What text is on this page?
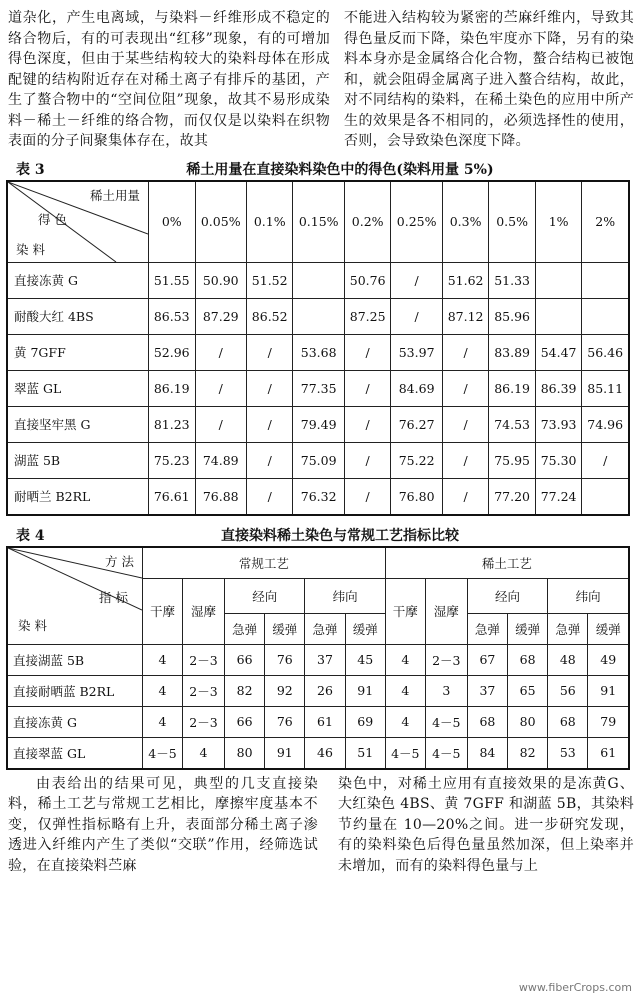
道杂化，产生电离域，与染料－纤维形成不稳定的络合物后，有的可表现出“红移”现象，有的可增加得色深度，但由于某些结构较大的染料母体在形成配键的结构附近存在对稀土离子有排斥的基团，产生了螯合物中的“空间位阻”现象，故其不易形成染料－稀土－纤维的络合物，而仅仅是以染料在织物表面的分子间聚集体存在，故其
不能进入结构较为紧密的苎麻纤维内，导致其得色量反而下降，染色牢度亦下降，另有的染料本身亦是金属络合化合物，螯合结构已被饱和，就会阻碍金属离子进入螯合结构，故此，对不同结构的染料，在稀土染色的应用中所产生的效果是各不相同的，必须选择性的使用，否则，会导致染色深度下降。
表 3	稀土用量在直接染料染色中的得色(染料用量 5%)
稀土用量
得 色
染 料	0%	0.05%	0.1%	0.15%	0.2%	0.25%	0.3%	0.5%	1%	2%
直接冻黄 G	51.55	50.90	51.52		50.76	/	51.62	51.33		
耐酸大红 4BS	86.53	87.29	86.52		87.25	/	87.12	85.96		
黄 7GFF	52.96	/	/	53.68	/	53.97	/	83.89	54.47	56.46
翠蓝 GL	86.19	/	/	77.35	/	84.69	/	86.19	86.39	85.11
直接坚牢黑 G	81.23	/	/	79.49	/	76.27	/	74.53	73.93	74.96
湖蓝 5B	75.23	74.89	/	75.09	/	75.22	/	75.95	75.30	/
耐晒兰 B2RL	76.61	76.88	/	76.32	/	76.80	/	77.20	77.24	
表 4	直接染料稀土染色与常规工艺指标比较
方 法
指 标
染 料	常规工艺						稀土工艺					
	干摩	湿摩	经向		纬向		干摩	湿摩	经向		纬向	
			急弹	缓弹	急弹	缓弹			急弹	缓弹	急弹	缓弹
直接湖蓝 5B	4	2－3	66	76	37	45	4	2－3	67	68	48	49
直接耐晒蓝 B2RL	4	2－3	82	92	26	91	4	3	37	65	56	91
直接冻黄 G	4	2－3	66	76	61	69	4	4－5	68	80	68	79
直接翠蓝 GL	4－5	4	80	91	46	51	4－5	4－5	84	82	53	61
由表给出的结果可见，典型的几支直接染料，稀土工艺与常规工艺相比，摩擦牢度基本不变，仅弹性指标略有上升，表面部分稀土离子渗透进入纤维内产生了类似“交联”作用，经筛选试验，在直接染料苎麻
染色中，对稀土应用有直接效果的是冻黄G、大红染色 4BS、黄 7GFF 和湖蓝 5B，其染料节约量在 10—20%之间。进一步研究发现，有的染料染色后得色量虽然加深，但上染率并未增加，而有的染料得色量与上
www.fiberCrops.com
